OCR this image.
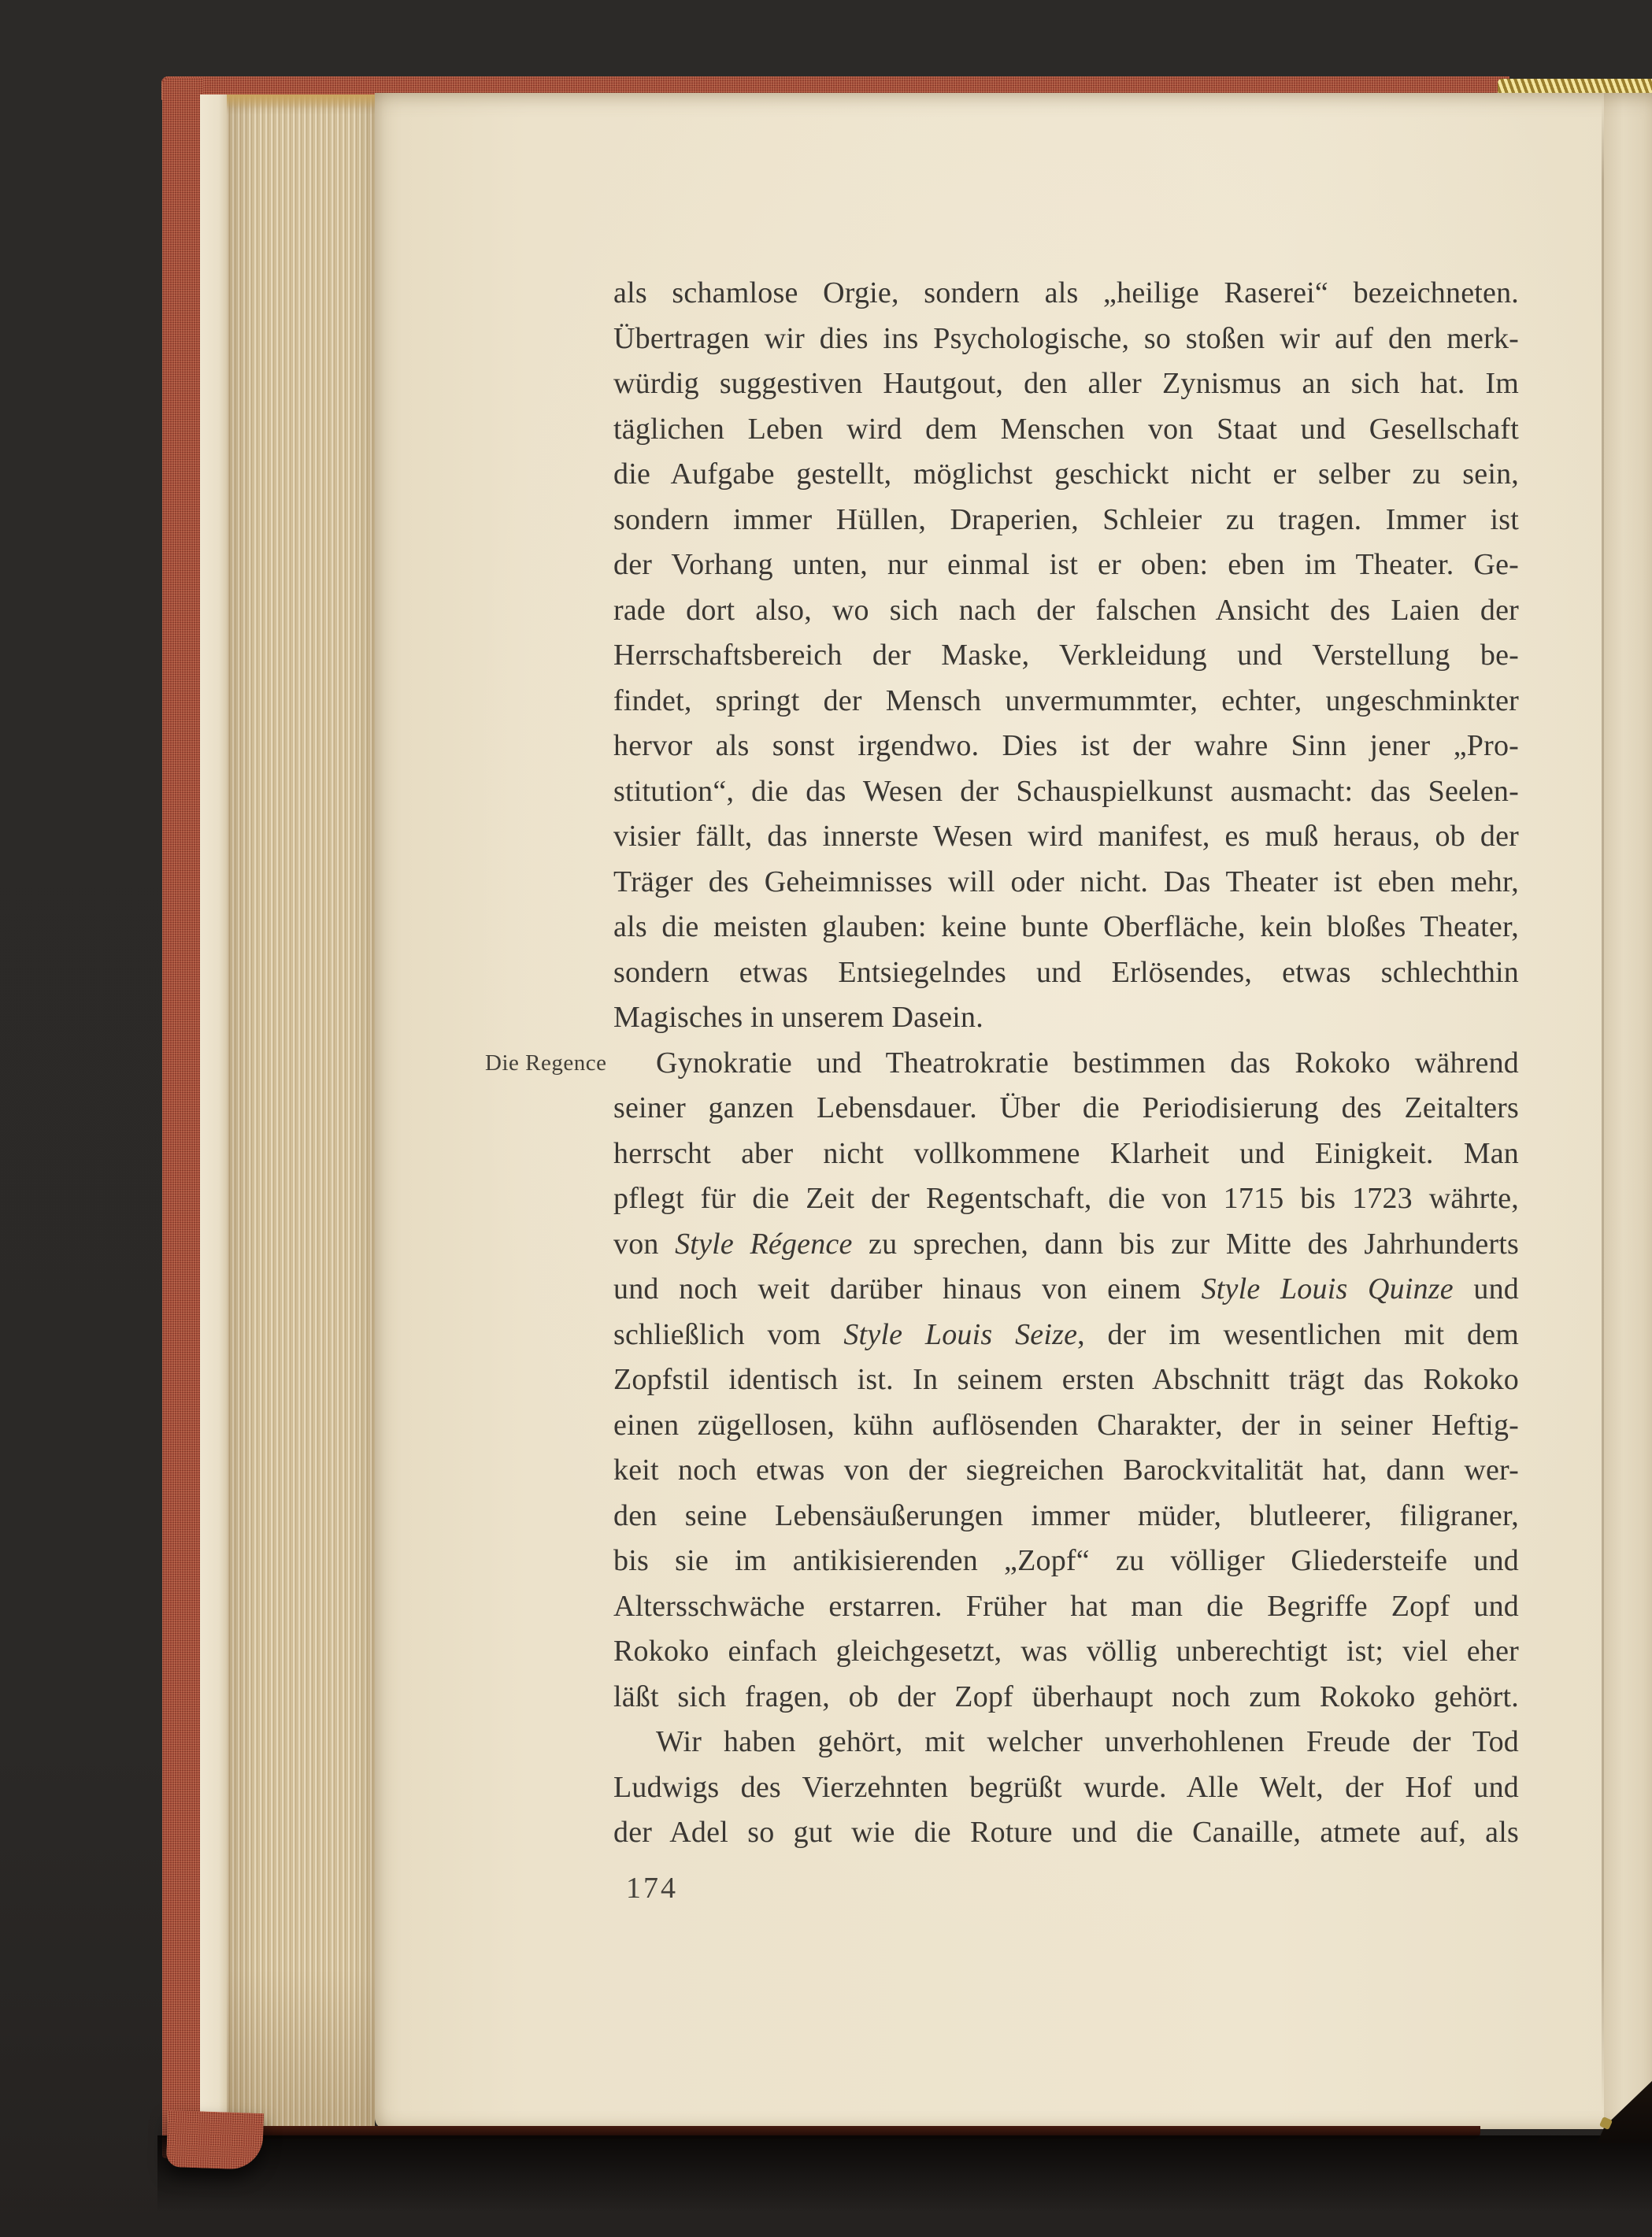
Die Regence
als schamlose Orgie, sondern als „heilige Raserei“ bezeichneten.
Übertragen wir dies ins Psychologische, so stoßen wir auf den merk-
würdig suggestiven Hautgout, den aller Zynismus an sich hat. Im
täglichen Leben wird dem Menschen von Staat und Gesellschaft
die Aufgabe gestellt, möglichst geschickt nicht er selber zu sein,
sondern immer Hüllen, Draperien, Schleier zu tragen. Immer ist
der Vorhang unten, nur einmal ist er oben: eben im Theater. Ge-
rade dort also, wo sich nach der falschen Ansicht des Laien der
Herrschaftsbereich der Maske, Verkleidung und Verstellung be-
findet, springt der Mensch unvermummter, echter, ungeschminkter
hervor als sonst irgendwo. Dies ist der wahre Sinn jener „Pro-
stitution“, die das Wesen der Schauspielkunst ausmacht: das Seelen-
visier fällt, das innerste Wesen wird manifest, es muß heraus, ob der
Träger des Geheimnisses will oder nicht. Das Theater ist eben mehr,
als die meisten glauben: keine bunte Oberfläche, kein bloßes Theater,
sondern etwas Entsiegelndes und Erlösendes, etwas schlechthin
Magisches in unserem Dasein.
Gynokratie und Theatrokratie bestimmen das Rokoko während
seiner ganzen Lebensdauer. Über die Periodisierung des Zeitalters
herrscht aber nicht vollkommene Klarheit und Einigkeit. Man
pflegt für die Zeit der Regentschaft, die von 1715 bis 1723 währte,
von Style Régence zu sprechen, dann bis zur Mitte des Jahrhunderts
und noch weit darüber hinaus von einem Style Louis Quinze und
schließlich vom Style Louis Seize, der im wesentlichen mit dem
Zopfstil identisch ist. In seinem ersten Abschnitt trägt das Rokoko
einen zügellosen, kühn auflösenden Charakter, der in seiner Heftig-
keit noch etwas von der siegreichen Barockvitalität hat, dann wer-
den seine Lebensäußerungen immer müder, blutleerer, filigraner,
bis sie im antikisierenden „Zopf“ zu völliger Gliedersteife und
Altersschwäche erstarren. Früher hat man die Begriffe Zopf und
Rokoko einfach gleichgesetzt, was völlig unberechtigt ist; viel eher
läßt sich fragen, ob der Zopf überhaupt noch zum Rokoko gehört.
Wir haben gehört, mit welcher unverhohlenen Freude der Tod
Ludwigs des Vierzehnten begrüßt wurde. Alle Welt, der Hof und
der Adel so gut wie die Roture und die Canaille, atmete auf, als
174
